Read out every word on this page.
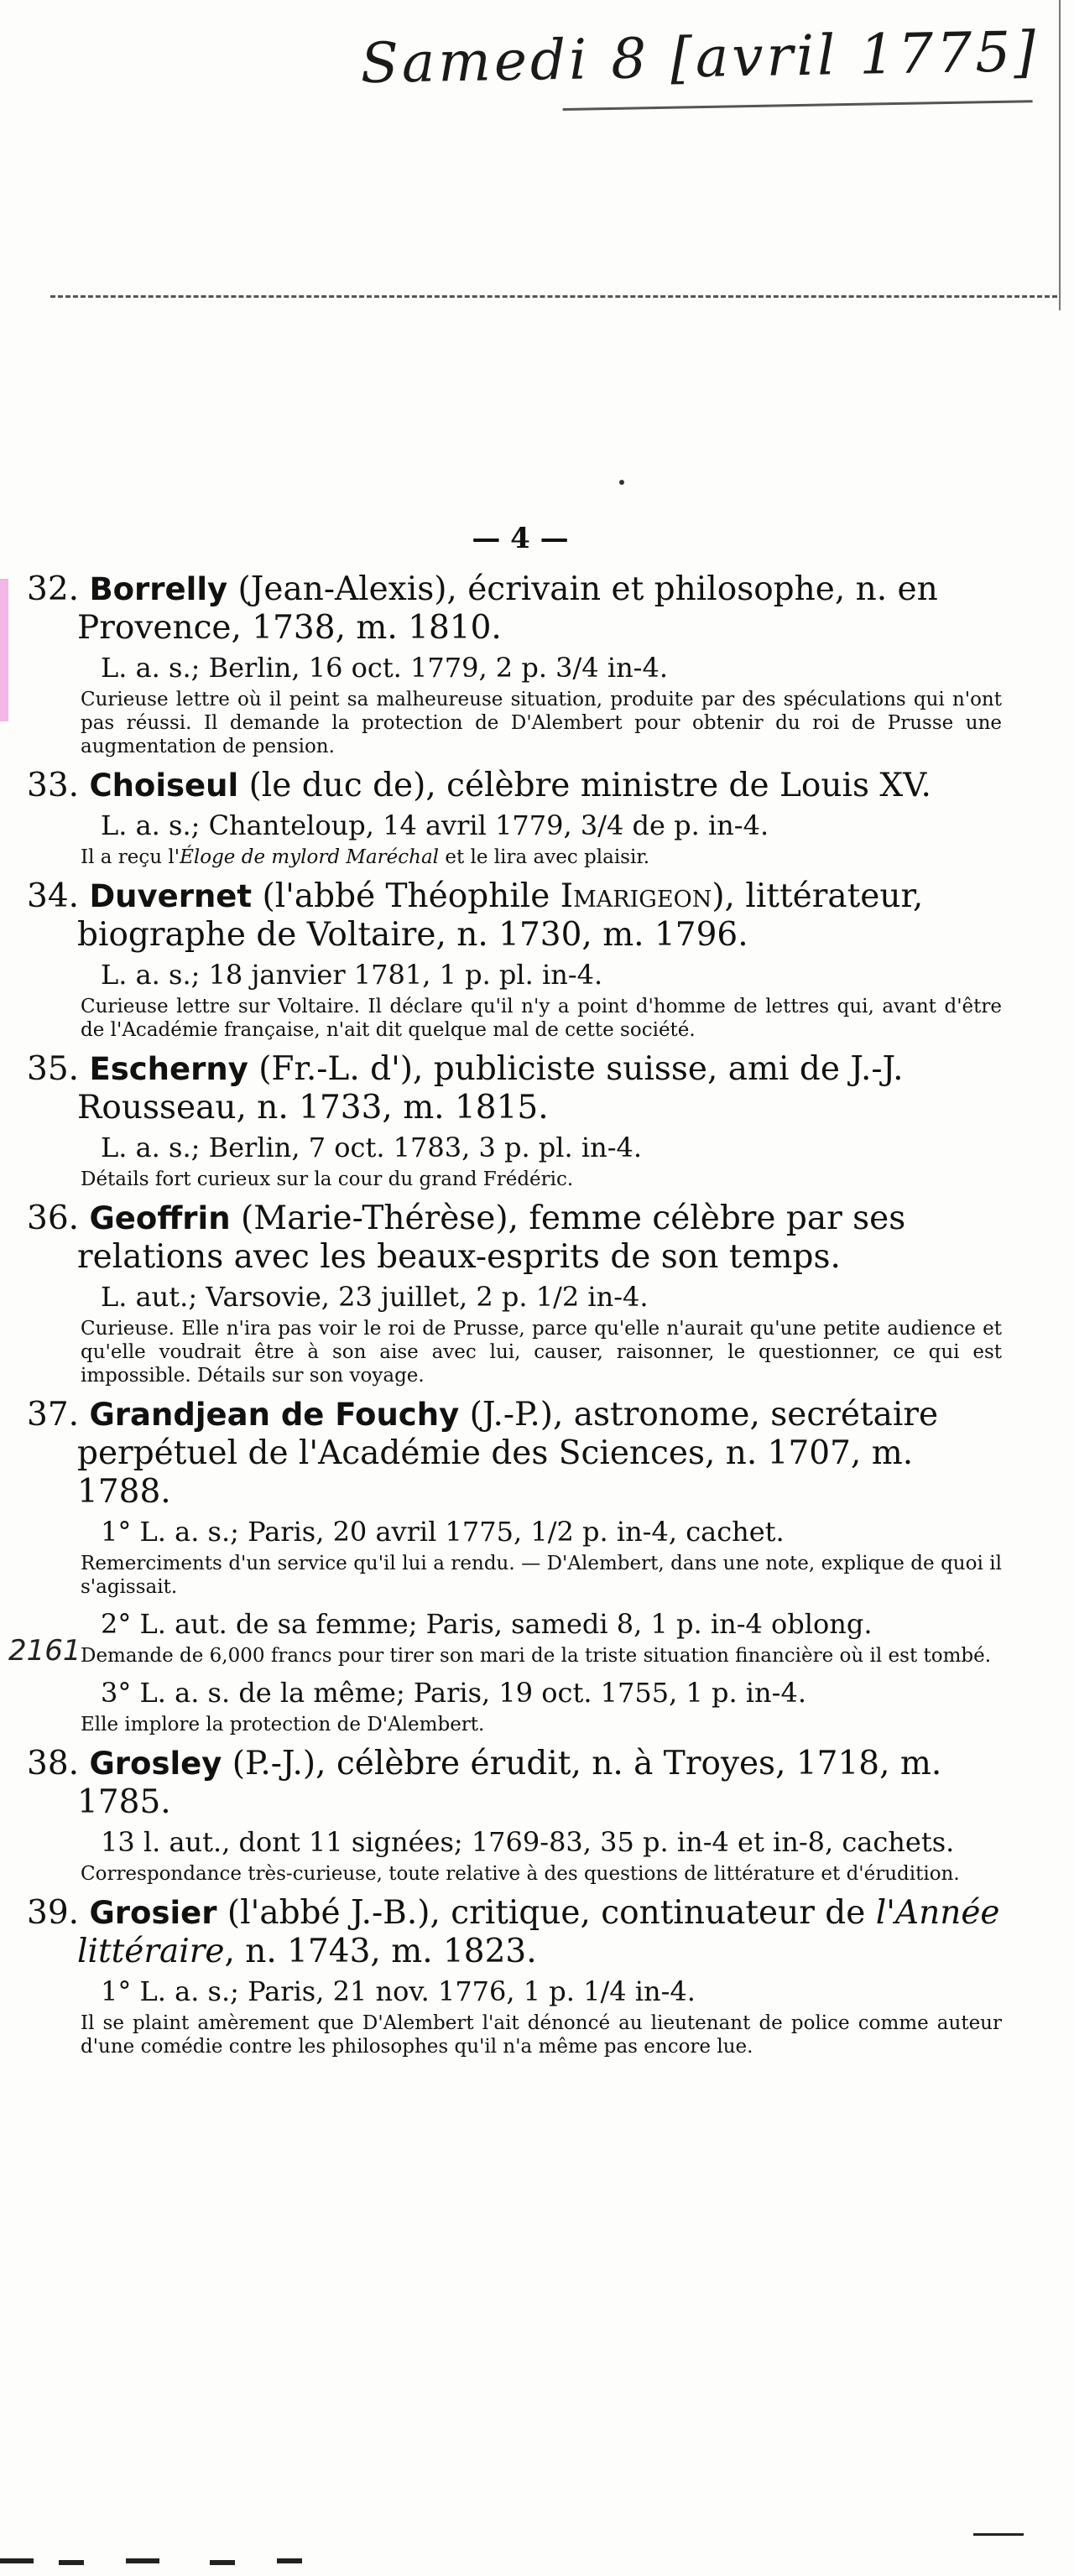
Samedi 8 [avril 1775]
— 4 —
32. Borrelly (Jean-Alexis), écrivain et philosophe, n. en Provence, 1738, m. 1810.
L. a. s.; Berlin, 16 oct. 1779, 2 p. 3/4 in-4.
Curieuse lettre où il peint sa malheureuse situation, produite par des spéculations qui n'ont pas réussi. Il demande la protection de D'Alembert pour obtenir du roi de Prusse une augmentation de pension.
33. Choiseul (le duc de), célèbre ministre de Louis XV.
L. a. s.; Chanteloup, 14 avril 1779, 3/4 de p. in-4.
Il a reçu l'Éloge de mylord Maréchal et le lira avec plaisir.
34. Duvernet (l'abbé Théophile Imarigeon), littérateur, biographe de Voltaire, n. 1730, m. 1796.
L. a. s.; 18 janvier 1781, 1 p. pl. in-4.
Curieuse lettre sur Voltaire. Il déclare qu'il n'y a point d'homme de lettres qui, avant d'être de l'Académie française, n'ait dit quelque mal de cette société.
35. Escherny (Fr.-L. d'), publiciste suisse, ami de J.-J. Rousseau, n. 1733, m. 1815.
L. a. s.; Berlin, 7 oct. 1783, 3 p. pl. in-4.
Détails fort curieux sur la cour du grand Frédéric.
36. Geoffrin (Marie-Thérèse), femme célèbre par ses relations avec les beaux-esprits de son temps.
L. aut.; Varsovie, 23 juillet, 2 p. 1/2 in-4.
Curieuse. Elle n'ira pas voir le roi de Prusse, parce qu'elle n'aurait qu'une petite audience et qu'elle voudrait être à son aise avec lui, causer, raisonner, le questionner, ce qui est impossible. Détails sur son voyage.
37. Grandjean de Fouchy (J.-P.), astronome, secrétaire perpétuel de l'Académie des Sciences, n. 1707, m. 1788.
1° L. a. s.; Paris, 20 avril 1775, 1/2 p. in-4, cachet.
Remerciments d'un service qu'il lui a rendu. — D'Alembert, dans une note, explique de quoi il s'agissait.
2° L. aut. de sa femme; Paris, samedi 8, 1 p. in-4 oblong.
2161 Demande de 6,000 francs pour tirer son mari de la triste situation financière où il est tombé.
3° L. a. s. de la même; Paris, 19 oct. 1755, 1 p. in-4.
Elle implore la protection de D'Alembert.
38. Grosley (P.-J.), célèbre érudit, n. à Troyes, 1718, m. 1785.
13 l. aut., dont 11 signées; 1769-83, 35 p. in-4 et in-8, cachets.
Correspondance très-curieuse, toute relative à des questions de littérature et d'érudition.
39. Grosier (l'abbé J.-B.), critique, continuateur de l'Année littéraire, n. 1743, m. 1823.
1° L. a. s.; Paris, 21 nov. 1776, 1 p. 1/4 in-4.
Il se plaint amèrement que D'Alembert l'ait dénoncé au lieutenant de police comme auteur d'une comédie contre les philosophes qu'il n'a même pas encore lue.
